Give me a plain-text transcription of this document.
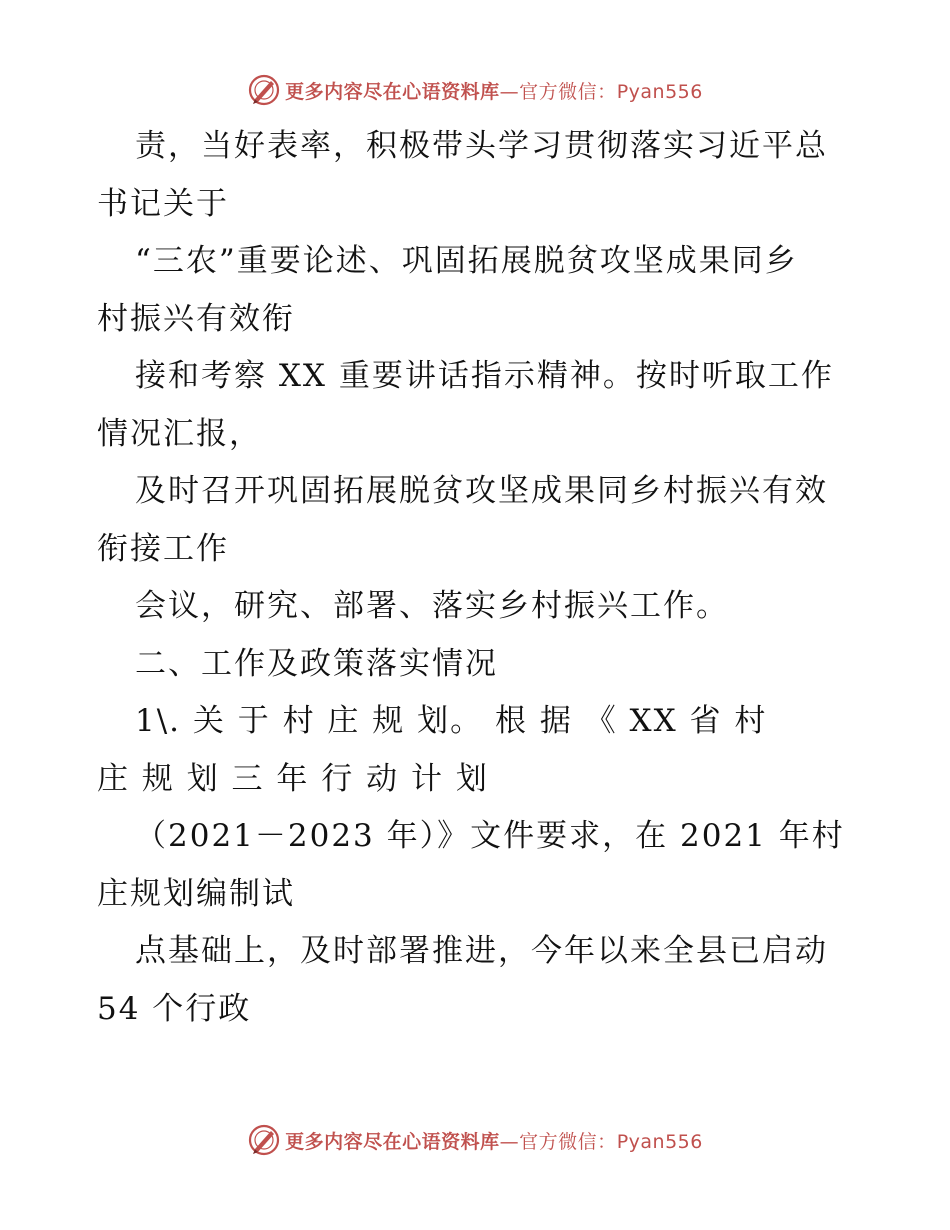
更多内容尽在心语资料库—官方微信：Pyan556
责，当好表率，积极带头学习贯彻落实习近平总
书记关于
“三农”重要论述、巩固拓展脱贫攻坚成果同乡
村振兴有效衔
接和考察 XX 重要讲话指示精神。按时听取工作
情况汇报，
及时召开巩固拓展脱贫攻坚成果同乡村振兴有效
衔接工作
会议，研究、部署、落实乡村振兴工作。
二、工作及政策落实情况
1\. 关 于 村 庄 规 划。 根 据 《 XX 省 村
庄 规 划 三 年 行 动 计 划
（2021－2023 年）》文件要求，在 2021 年村
庄规划编制试
点基础上，及时部署推进，今年以来全县已启动
54 个行政
更多内容尽在心语资料库—官方微信：Pyan556
